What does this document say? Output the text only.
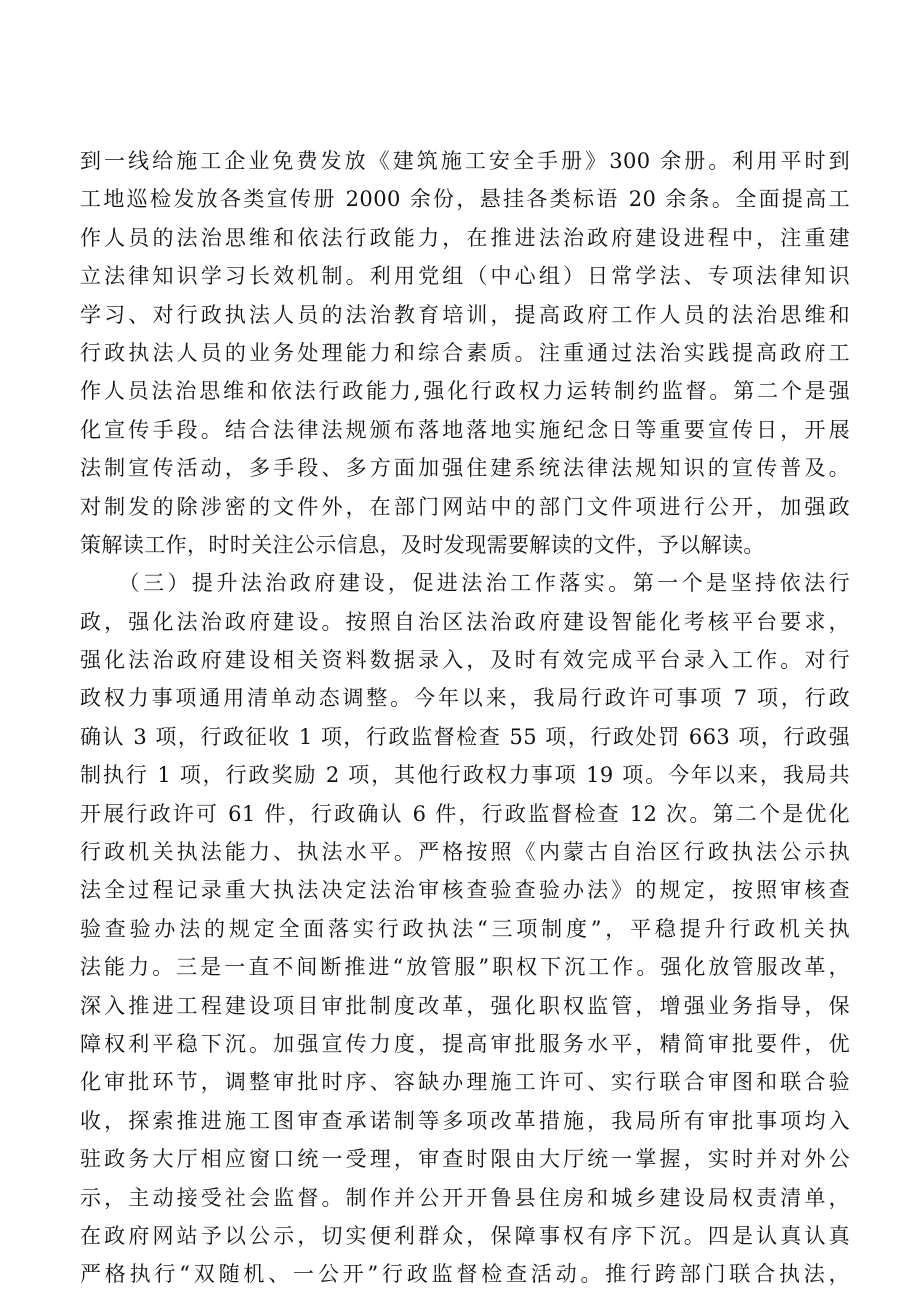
到一线给施工企业免费发放《建筑施工安全手册》300 余册。利用平时到
工地巡检发放各类宣传册 2000 余份，悬挂各类标语 20 余条。全面提高工
作人员的法治思维和依法行政能力，在推进法治政府建设进程中，注重建
立法律知识学习长效机制。利用党组（中心组）日常学法、专项法律知识
学习、对行政执法人员的法治教育培训，提高政府工作人员的法治思维和
行政执法人员的业务处理能力和综合素质。注重通过法治实践提高政府工
作人员法治思维和依法行政能力,强化行政权力运转制约监督。第二个是强
化宣传手段。结合法律法规颁布落地落地实施纪念日等重要宣传日，开展
法制宣传活动，多手段、多方面加强住建系统法律法规知识的宣传普及。
对制发的除涉密的文件外，在部门网站中的部门文件项进行公开，加强政
策解读工作，时时关注公示信息，及时发现需要解读的文件，予以解读。
　　（三）提升法治政府建设，促进法治工作落实。第一个是坚持依法行
政，强化法治政府建设。按照自治区法治政府建设智能化考核平台要求，
强化法治政府建设相关资料数据录入，及时有效完成平台录入工作。对行
政权力事项通用清单动态调整。今年以来，我局行政许可事项 7 项，行政
确认 3 项，行政征收 1 项，行政监督检查 55 项，行政处罚 663 项，行政强
制执行 1 项，行政奖励 2 项，其他行政权力事项 19 项。今年以来，我局共
开展行政许可 61 件，行政确认 6 件，行政监督检查 12 次。第二个是优化
行政机关执法能力、执法水平。严格按照《内蒙古自治区行政执法公示执
法全过程记录重大执法决定法治审核查验查验办法》的规定，按照审核查
验查验办法的规定全面落实行政执法“三项制度”，平稳提升行政机关执
法能力。三是一直不间断推进“放管服”职权下沉工作。强化放管服改革，
深入推进工程建设项目审批制度改革，强化职权监管，增强业务指导，保
障权利平稳下沉。加强宣传力度，提高审批服务水平，精简审批要件，优
化审批环节，调整审批时序、容缺办理施工许可、实行联合审图和联合验
收，探索推进施工图审查承诺制等多项改革措施，我局所有审批事项均入
驻政务大厅相应窗口统一受理，审查时限由大厅统一掌握，实时并对外公
示，主动接受社会监督。制作并公开开鲁县住房和城乡建设局权责清单，
在政府网站予以公示，切实便利群众，保障事权有序下沉。四是认真认真
严格执行“双随机、一公开”行政监督检查活动。推行跨部门联合执法，
